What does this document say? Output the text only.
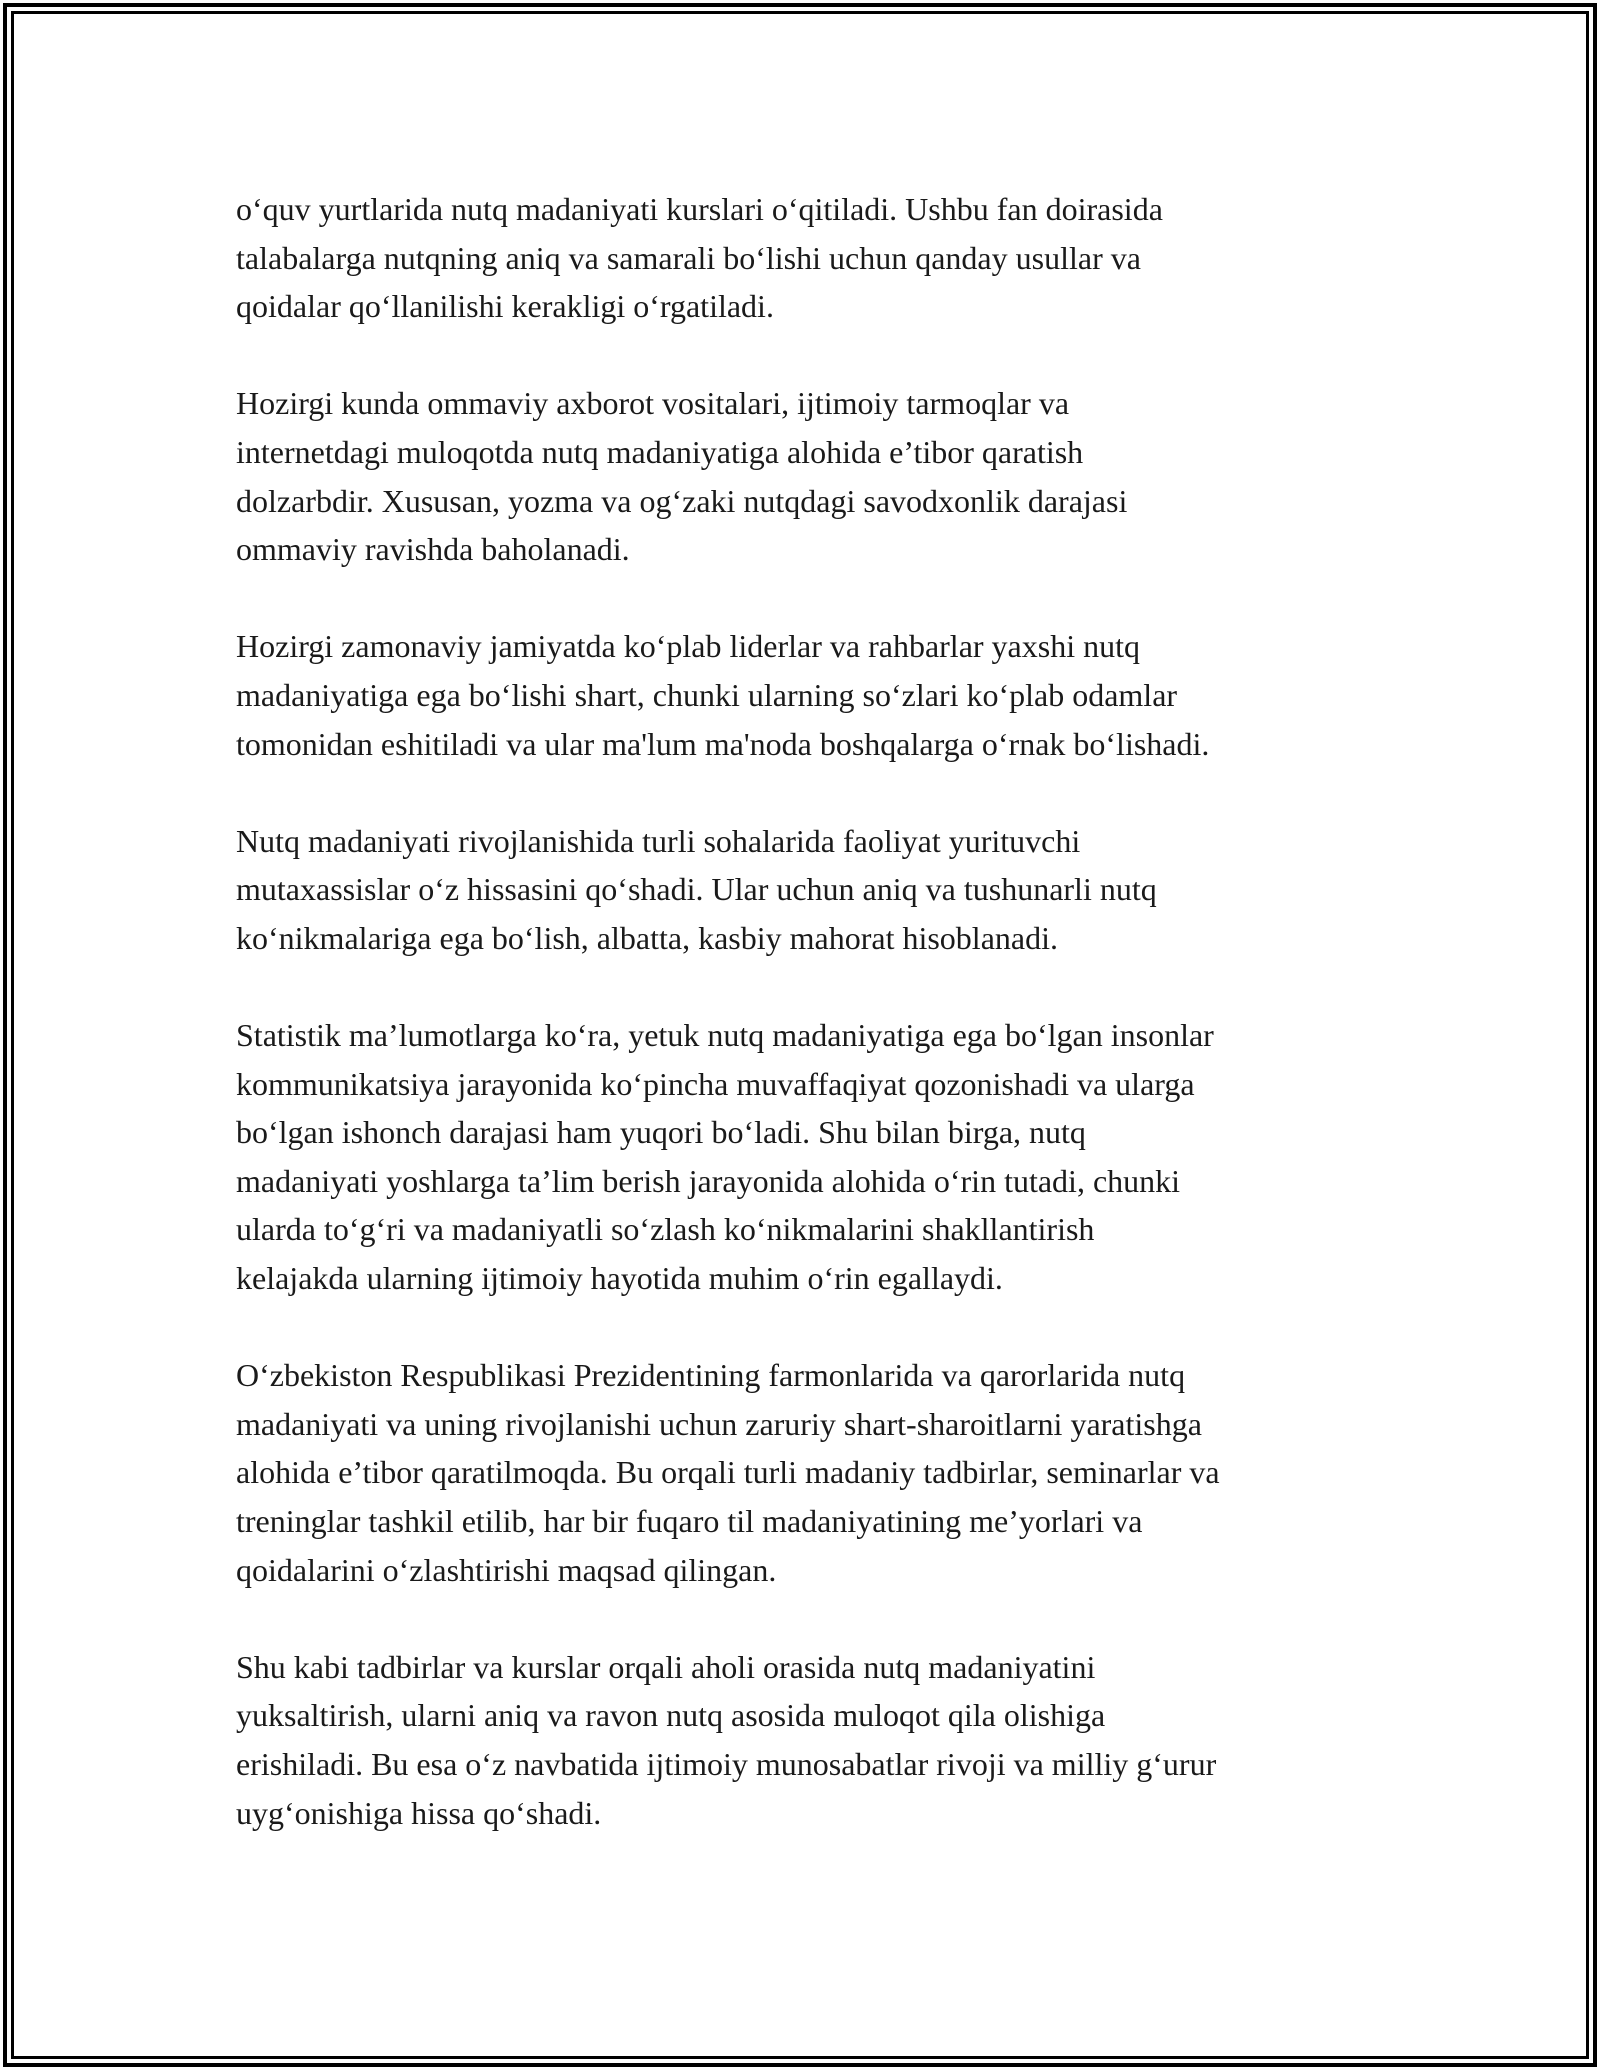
o‘quv yurtlarida nutq madaniyati kurslari o‘qitiladi. Ushbu fan doirasida
talabalarga nutqning aniq va samarali bo‘lishi uchun qanday usullar va
qoidalar qo‘llanilishi kerakligi o‘rgatiladi.

Hozirgi kunda ommaviy axborot vositalari, ijtimoiy tarmoqlar va
internetdagi muloqotda nutq madaniyatiga alohida e’tibor qaratish
dolzarbdir. Xususan, yozma va og‘zaki nutqdagi savodxonlik darajasi
ommaviy ravishda baholanadi.

Hozirgi zamonaviy jamiyatda ko‘plab liderlar va rahbarlar yaxshi nutq
madaniyatiga ega bo‘lishi shart, chunki ularning so‘zlari ko‘plab odamlar
tomonidan eshitiladi va ular ma'lum ma'noda boshqalarga o‘rnak bo‘lishadi.

Nutq madaniyati rivojlanishida turli sohalarida faoliyat yurituvchi
mutaxassislar o‘z hissasini qo‘shadi. Ular uchun aniq va tushunarli nutq
ko‘nikmalariga ega bo‘lish, albatta, kasbiy mahorat hisoblanadi.

Statistik ma’lumotlarga ko‘ra, yetuk nutq madaniyatiga ega bo‘lgan insonlar
kommunikatsiya jarayonida ko‘pincha muvaffaqiyat qozonishadi va ularga
bo‘lgan ishonch darajasi ham yuqori bo‘ladi. Shu bilan birga, nutq
madaniyati yoshlarga ta’lim berish jarayonida alohida o‘rin tutadi, chunki
ularda to‘g‘ri va madaniyatli so‘zlash ko‘nikmalarini shakllantirish
kelajakda ularning ijtimoiy hayotida muhim o‘rin egallaydi.

O‘zbekiston Respublikasi Prezidentining farmonlarida va qarorlarida nutq
madaniyati va uning rivojlanishi uchun zaruriy shart-sharoitlarni yaratishga
alohida e’tibor qaratilmoqda. Bu orqali turli madaniy tadbirlar, seminarlar va
treninglar tashkil etilib, har bir fuqaro til madaniyatining me’yorlari va
qoidalarini o‘zlashtirishi maqsad qilingan.

Shu kabi tadbirlar va kurslar orqali aholi orasida nutq madaniyatini
yuksaltirish, ularni aniq va ravon nutq asosida muloqot qila olishiga
erishiladi. Bu esa o‘z navbatida ijtimoiy munosabatlar rivoji va milliy g‘urur
uyg‘onishiga hissa qo‘shadi.
